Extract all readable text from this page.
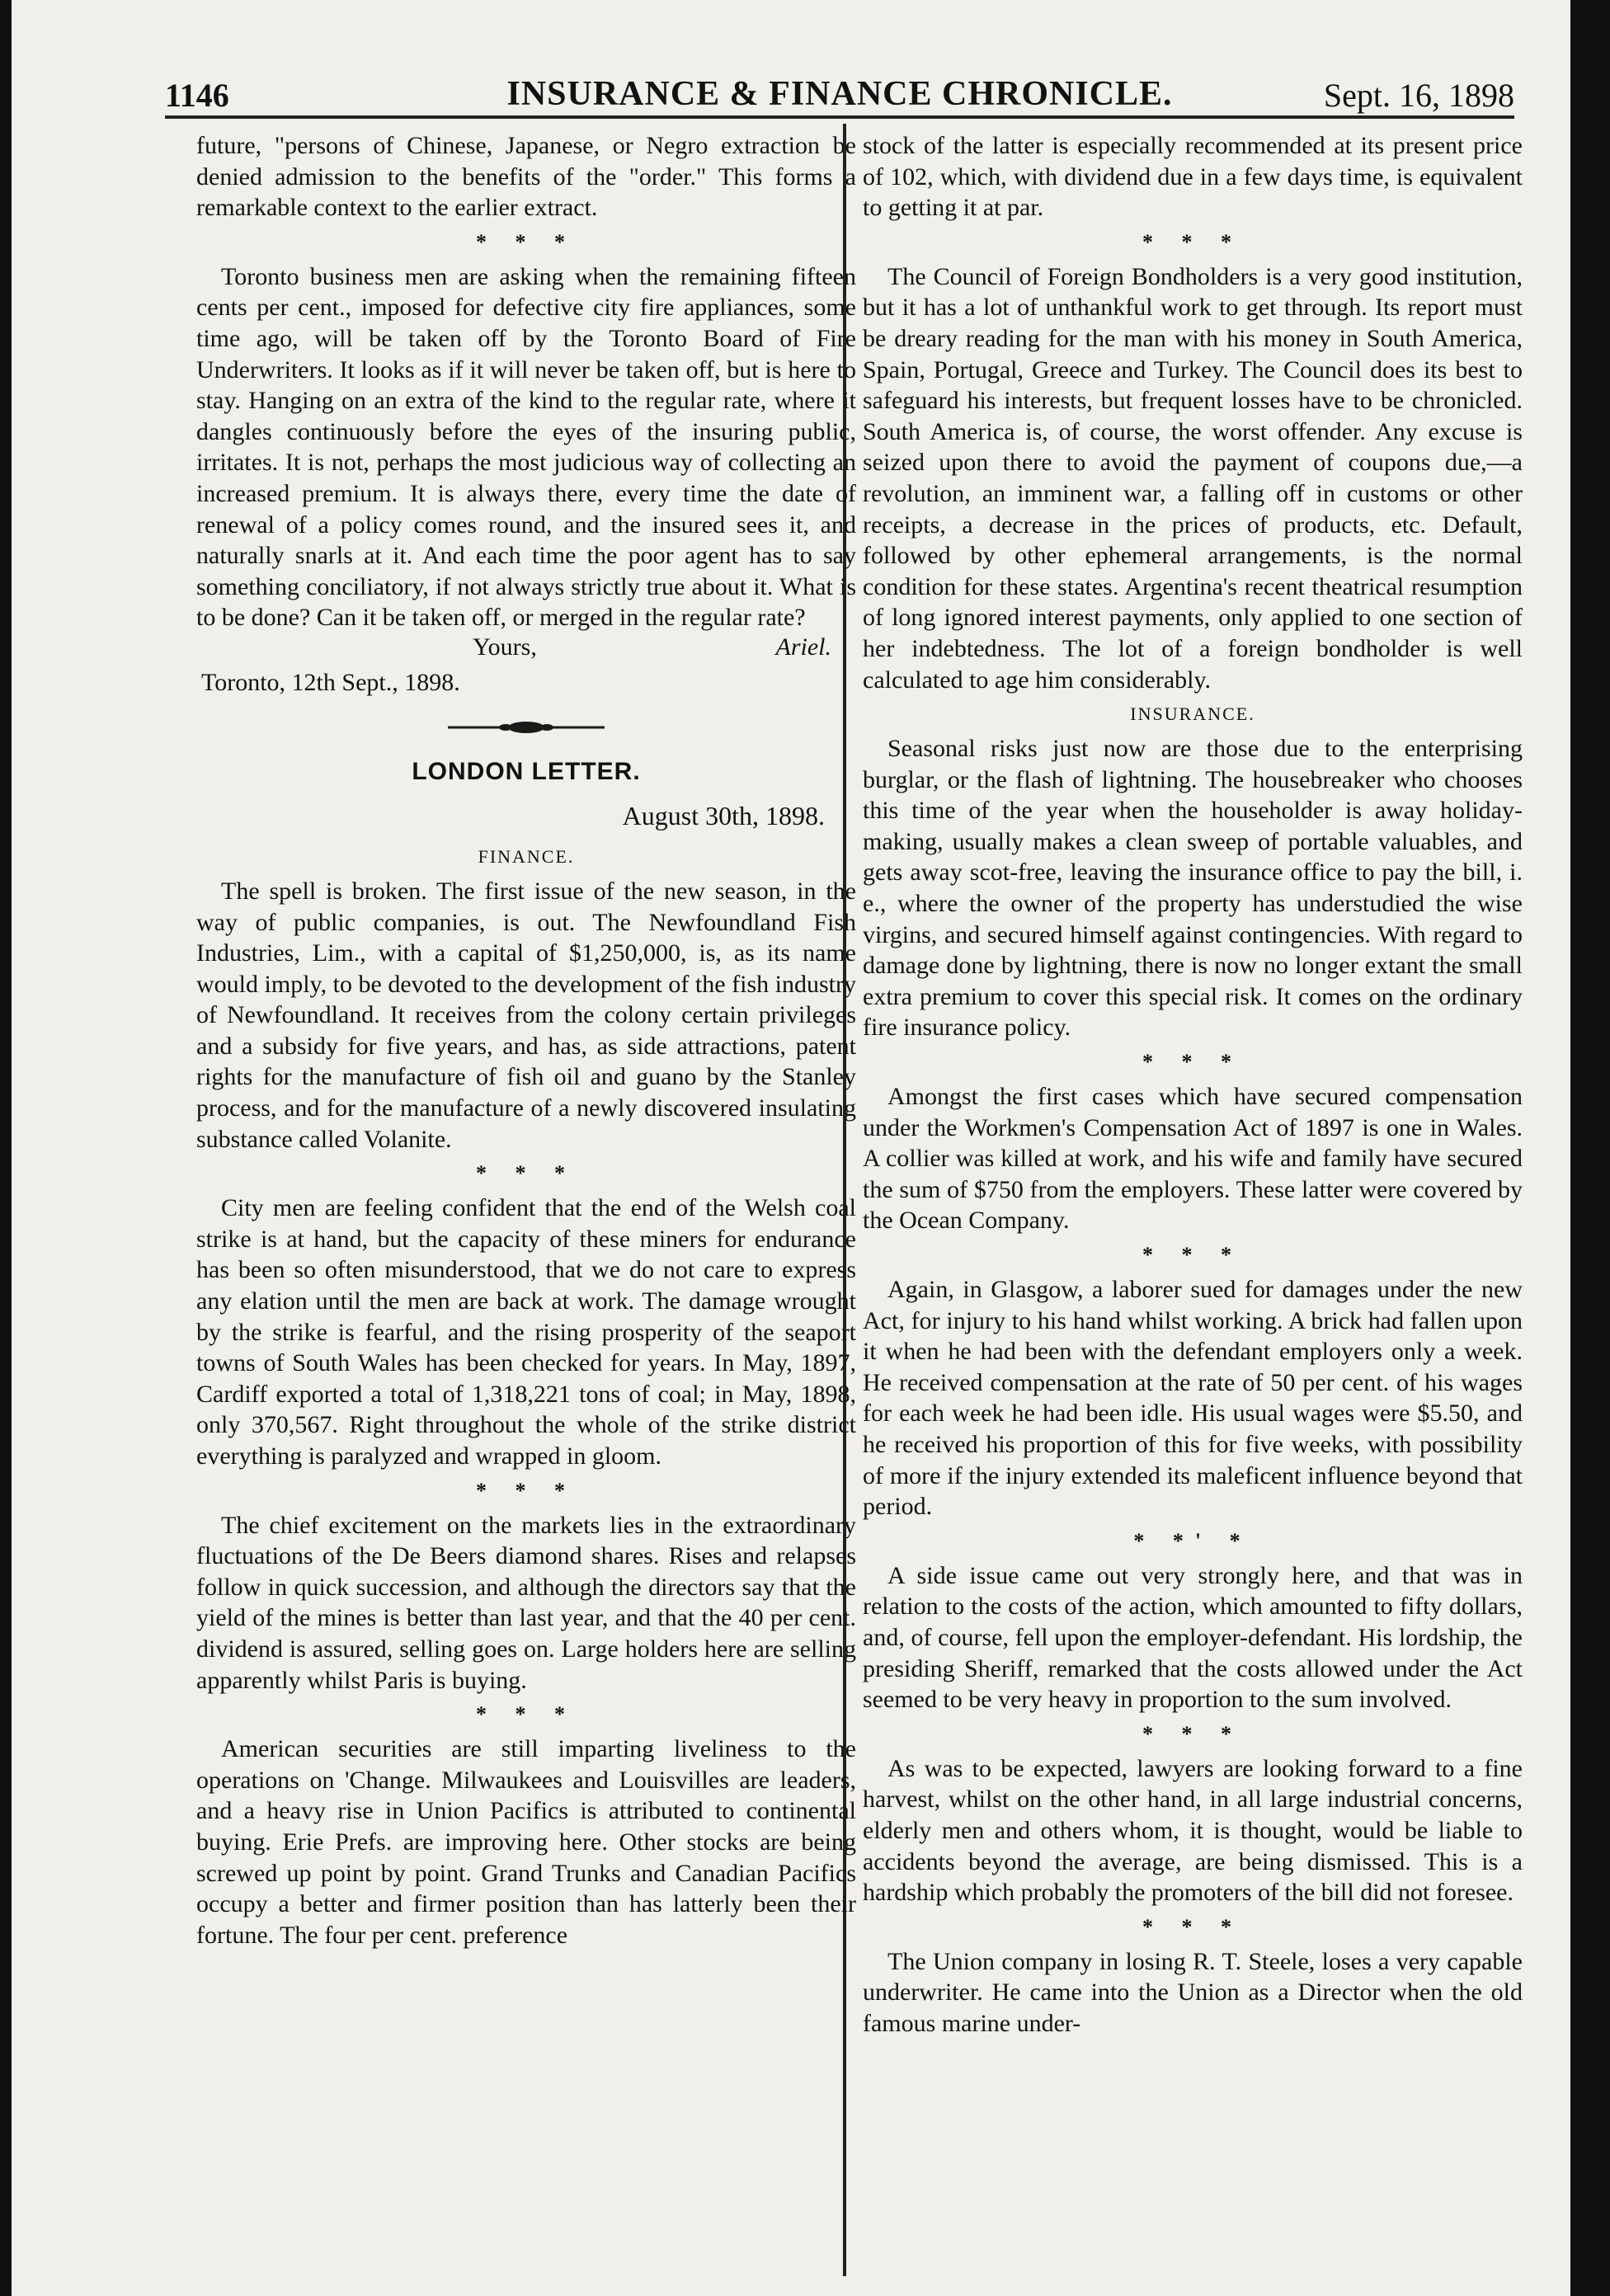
1146	INSURANCE & FINANCE CHRONICLE.	Sept. 16, 1898

future, "persons of Chinese, Japanese, or Negro extraction be denied admission to the benefits of the "order." This forms a remarkable context to the earlier extract.

* * *

Toronto business men are asking when the remaining fifteen cents per cent., imposed for defective city fire appliances, some time ago, will be taken off by the Toronto Board of Fire Underwriters. It looks as if it will never be taken off, but is here to stay. Hanging on an extra of the kind to the regular rate, where it dangles continuously before the eyes of the insuring public, irritates. It is not, perhaps the most judicious way of collecting an increased premium. It is always there, every time the date of renewal of a policy comes round, and the insured sees it, and naturally snarls at it. And each time the poor agent has to say something conciliatory, if not always strictly true about it. What is to be done? Can it be taken off, or merged in the regular rate?

Yours,	Ariel.
Toronto, 12th Sept., 1898.
LONDON LETTER.
August 30th, 1898.
FINANCE.

The spell is broken. The first issue of the new season, in the way of public companies, is out. The Newfoundland Fish Industries, Lim., with a capital of $1,250,000, is, as its name would imply, to be devoted to the development of the fish industry of Newfoundland. It receives from the colony certain privileges and a subsidy for five years, and has, as side attractions, patent rights for the manufacture of fish oil and guano by the Stanley process, and for the manufacture of a newly discovered insulating substance called Volanite.

* * *

City men are feeling confident that the end of the Welsh coal strike is at hand, but the capacity of these miners for endurance has been so often misunderstood, that we do not care to express any elation until the men are back at work. The damage wrought by the strike is fearful, and the rising prosperity of the seaport towns of South Wales has been checked for years. In May, 1897, Cardiff exported a total of 1,318,221 tons of coal; in May, 1898, only 370,567. Right throughout the whole of the strike district everything is paralyzed and wrapped in gloom.

* * *

The chief excitement on the markets lies in the extraordinary fluctuations of the De Beers diamond shares. Rises and relapses follow in quick succession, and although the directors say that the yield of the mines is better than last year, and that the 40 per cent. dividend is assured, selling goes on. Large holders here are selling apparently whilst Paris is buying.

* * *

American securities are still imparting liveliness to the operations on 'Change. Milwaukees and Louisvilles are leaders, and a heavy rise in Union Pacifics is attributed to continental buying. Erie Prefs. are improving here. Other stocks are being screwed up point by point. Grand Trunks and Canadian Pacifics occupy a better and firmer position than has latterly been their fortune. The four per cent. preference

stock of the latter is especially recommended at its present price of 102, which, with dividend due in a few days time, is equivalent to getting it at par.

* * *

The Council of Foreign Bondholders is a very good institution, but it has a lot of unthankful work to get through. Its report must be dreary reading for the man with his money in South America, Spain, Portugal, Greece and Turkey. The Council does its best to safeguard his interests, but frequent losses have to be chronicled. South America is, of course, the worst offender. Any excuse is seized upon there to avoid the payment of coupons due,—a revolution, an imminent war, a falling off in customs or other receipts, a decrease in the prices of products, etc. Default, followed by other ephemeral arrangements, is the normal condition for these states. Argentina's recent theatrical resumption of long ignored interest payments, only applied to one section of her indebtedness. The lot of a foreign bondholder is well calculated to age him considerably.

INSURANCE.

Seasonal risks just now are those due to the enterprising burglar, or the flash of lightning. The housebreaker who chooses this time of the year when the householder is away holiday-making, usually makes a clean sweep of portable valuables, and gets away scot-free, leaving the insurance office to pay the bill, i. e., where the owner of the property has understudied the wise virgins, and secured himself against contingencies. With regard to damage done by lightning, there is now no longer extant the small extra premium to cover this special risk. It comes on the ordinary fire insurance policy.

* * *

Amongst the first cases which have secured compensation under the Workmen's Compensation Act of 1897 is one in Wales. A collier was killed at work, and his wife and family have secured the sum of $750 from the employers. These latter were covered by the Ocean Company.

* * *

Again, in Glasgow, a laborer sued for damages under the new Act, for injury to his hand whilst working. A brick had fallen upon it when he had been with the defendant employers only a week. He received compensation at the rate of 50 per cent. of his wages for each week he had been idle. His usual wages were $5.50, and he received his proportion of this for five weeks, with possibility of more if the injury extended its maleficent influence beyond that period.

* *' *

A side issue came out very strongly here, and that was in relation to the costs of the action, which amounted to fifty dollars, and, of course, fell upon the employer-defendant. His lordship, the presiding Sheriff, remarked that the costs allowed under the Act seemed to be very heavy in proportion to the sum involved.

* * *

As was to be expected, lawyers are looking forward to a fine harvest, whilst on the other hand, in all large industrial concerns, elderly men and others whom, it is thought, would be liable to accidents beyond the average, are being dismissed. This is a hardship which probably the promoters of the bill did not foresee.

* * *

The Union company in losing R. T. Steele, loses a very capable underwriter. He came into the Union as a Director when the old famous marine under-
